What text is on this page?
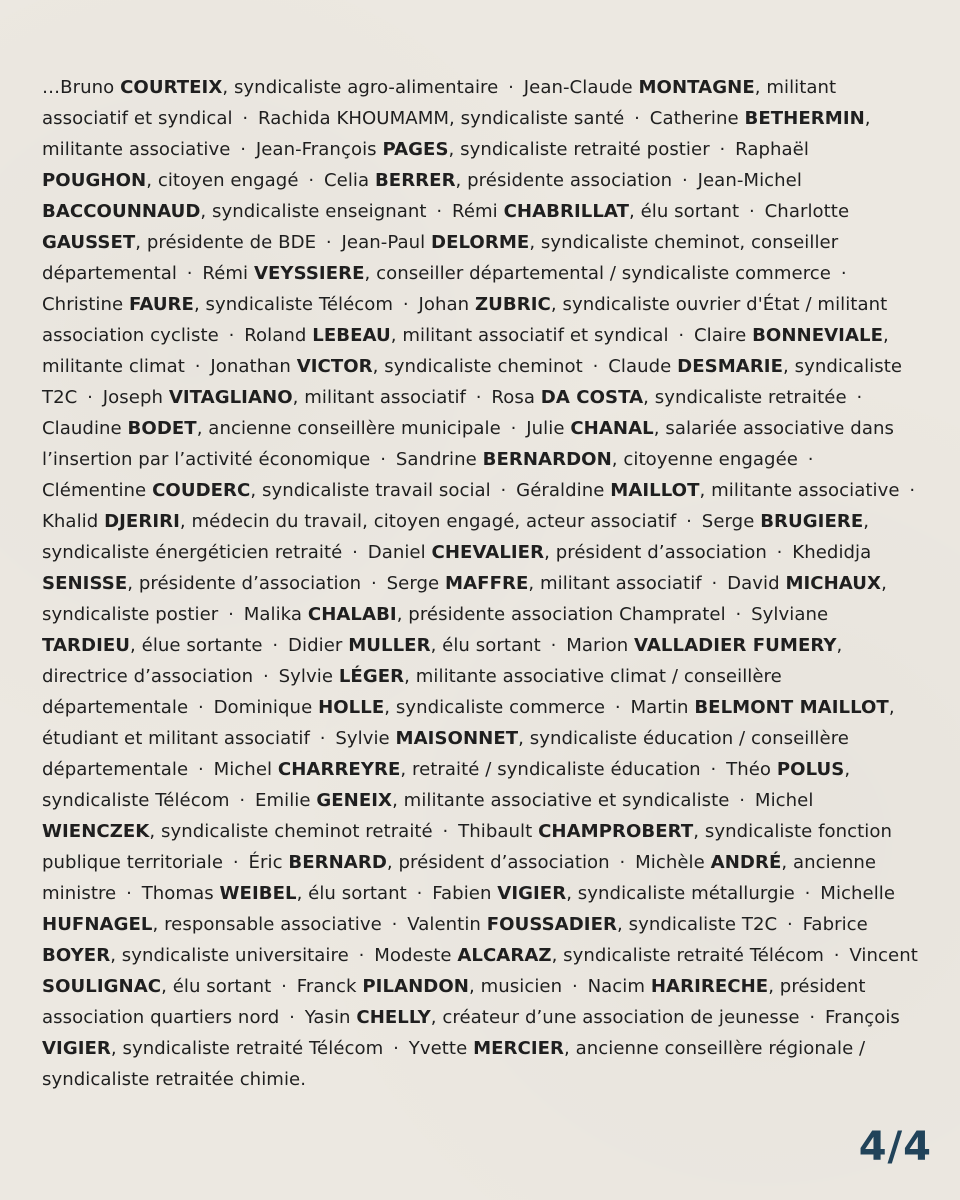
…Bruno COURTEIX, syndicaliste agro-alimentaire · Jean-Claude MONTAGNE, militant associatif et syndical · Rachida KHOUMAMM, syndicaliste santé · Catherine BETHERMIN, militante associative · Jean-François PAGES, syndicaliste retraité postier · Raphaël POUGHON, citoyen engagé · Celia BERRER, présidente association · Jean-Michel BACCOUNNAUD, syndicaliste enseignant · Rémi CHABRILLAT, élu sortant · Charlotte GAUSSET, présidente de BDE · Jean-Paul DELORME, syndicaliste cheminot, conseiller départemental · Rémi VEYSSIERE, conseiller départemental / syndicaliste commerce · Christine FAURE, syndicaliste Télécom · Johan ZUBRIC, syndicaliste ouvrier d'État / militant association cycliste · Roland LEBEAU, militant associatif et syndical · Claire BONNEVIALE, militante climat · Jonathan VICTOR, syndicaliste cheminot · Claude DESMARIE, syndicaliste T2C · Joseph VITAGLIANO, militant associatif · Rosa DA COSTA, syndicaliste retraitée · Claudine BODET, ancienne conseillère municipale · Julie CHANAL, salariée associative dans l’insertion par l’activité économique · Sandrine BERNARDON, citoyenne engagée · Clémentine COUDERC, syndicaliste travail social · Géraldine MAILLOT, militante associative · Khalid DJERIRI, médecin du travail, citoyen engagé, acteur associatif · Serge BRUGIERE, syndicaliste énergéticien retraité · Daniel CHEVALIER, président d’association · Khedidja SENISSE, présidente d’association · Serge MAFFRE, militant associatif · David MICHAUX, syndicaliste postier · Malika CHALABI, présidente association Champratel · Sylviane TARDIEU, élue sortante · Didier MULLER, élu sortant · Marion VALLADIER FUMERY, directrice d’association · Sylvie LÉGER, militante associative climat / conseillère départementale · Dominique HOLLE, syndicaliste commerce · Martin BELMONT MAILLOT, étudiant et militant associatif · Sylvie MAISONNET, syndicaliste éducation / conseillère départementale · Michel CHARREYRE, retraité / syndicaliste éducation · Théo POLUS, syndicaliste Télécom · Emilie GENEIX, militante associative et syndicaliste · Michel WIENCZEK, syndicaliste cheminot retraité · Thibault CHAMPROBERT, syndicaliste fonction publique territoriale · Éric BERNARD, président d’association · Michèle ANDRÉ, ancienne ministre · Thomas WEIBEL, élu sortant · Fabien VIGIER, syndicaliste métallurgie · Michelle HUFNAGEL, responsable associative · Valentin FOUSSADIER, syndicaliste T2C · Fabrice BOYER, syndicaliste universitaire · Modeste ALCARAZ, syndicaliste retraité Télécom · Vincent SOULIGNAC, élu sortant · Franck PILANDON, musicien · Nacim HARIRECHE, président association quartiers nord · Yasin CHELLY, créateur d’une association de jeunesse · François VIGIER, syndicaliste retraité Télécom · Yvette MERCIER, ancienne conseillère régionale / syndicaliste retraitée chimie.
4/4
